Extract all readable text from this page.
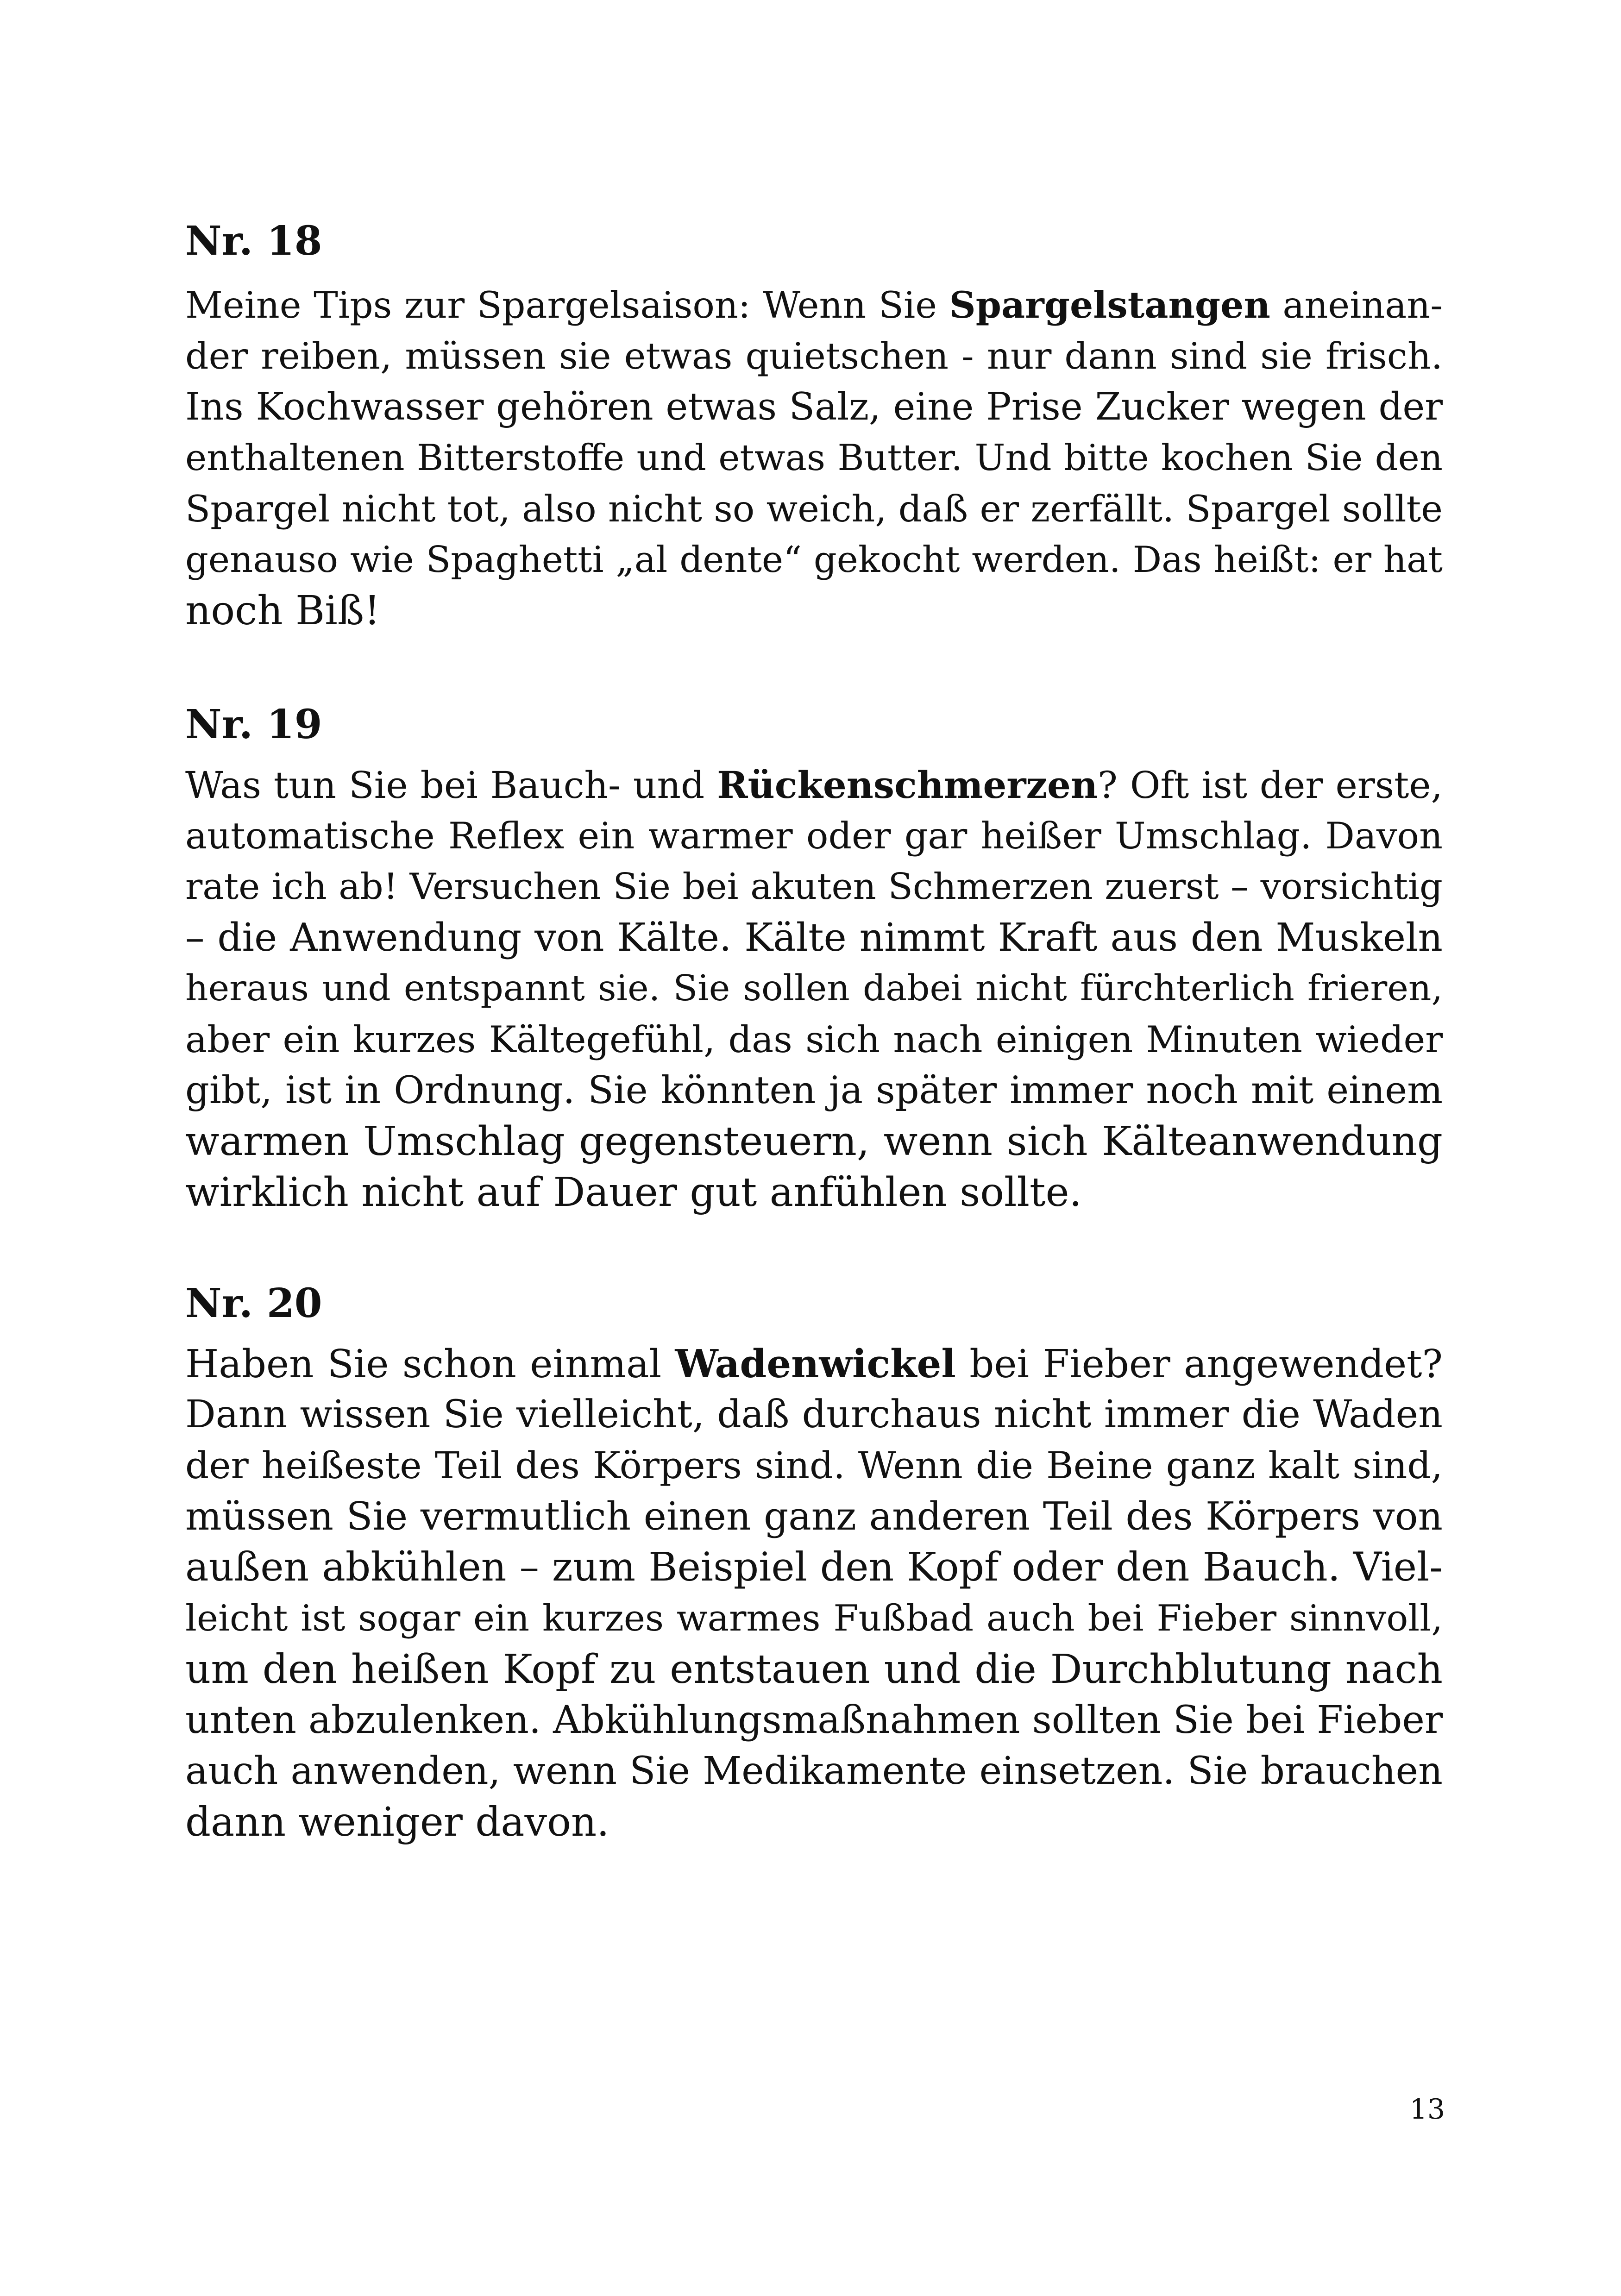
Nr. 18
Meine Tips zur Spargelsaison: Wenn Sie Spargelstangen aneinan-
der reiben, müssen sie etwas quietschen - nur dann sind sie frisch.
Ins Kochwasser gehören etwas Salz, eine Prise Zucker wegen der
enthaltenen Bitterstoffe und etwas Butter. Und bitte kochen Sie den
Spargel nicht tot, also nicht so weich, daß er zerfällt. Spargel sollte
genauso wie Spaghetti „al dente“ gekocht werden. Das heißt: er hat
noch Biß!
Nr. 19
Was tun Sie bei Bauch- und Rückenschmerzen? Oft ist der erste,
automatische Reflex ein warmer oder gar heißer Umschlag. Davon
rate ich ab! Versuchen Sie bei akuten Schmerzen zuerst – vorsichtig
– die Anwendung von Kälte. Kälte nimmt Kraft aus den Muskeln
heraus und entspannt sie. Sie sollen dabei nicht fürchterlich frieren,
aber ein kurzes Kältegefühl, das sich nach einigen Minuten wieder
gibt, ist in Ordnung. Sie könnten ja später immer noch mit einem
warmen Umschlag gegensteuern, wenn sich Kälteanwendung
wirklich nicht auf Dauer gut anfühlen sollte.
Nr. 20
Haben Sie schon einmal Wadenwickel bei Fieber angewendet?
Dann wissen Sie vielleicht, daß durchaus nicht immer die Waden
der heißeste Teil des Körpers sind. Wenn die Beine ganz kalt sind,
müssen Sie vermutlich einen ganz anderen Teil des Körpers von
außen abkühlen – zum Beispiel den Kopf oder den Bauch. Viel-
leicht ist sogar ein kurzes warmes Fußbad auch bei Fieber sinnvoll,
um den heißen Kopf zu entstauen und die Durchblutung nach
unten abzulenken. Abkühlungsmaßnahmen sollten Sie bei Fieber
auch anwenden, wenn Sie Medikamente einsetzen. Sie brauchen
dann weniger davon.
13
